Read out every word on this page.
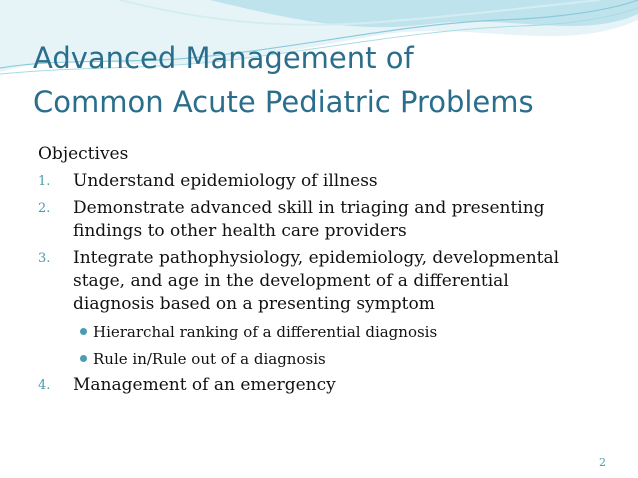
Advanced Management of
Common Acute Pediatric Problems
Objectives
1.	Understand epidemiology of illness
2.	Demonstrate advanced skill in triaging and presenting
findings to other health care providers
3.	Integrate pathophysiology, epidemiology, developmental
stage, and age in the development of a differential
diagnosis based on a presenting symptom
Hierarchal ranking of a differential diagnosis
Rule in/Rule out of a diagnosis
4.	Management of an emergency
2
